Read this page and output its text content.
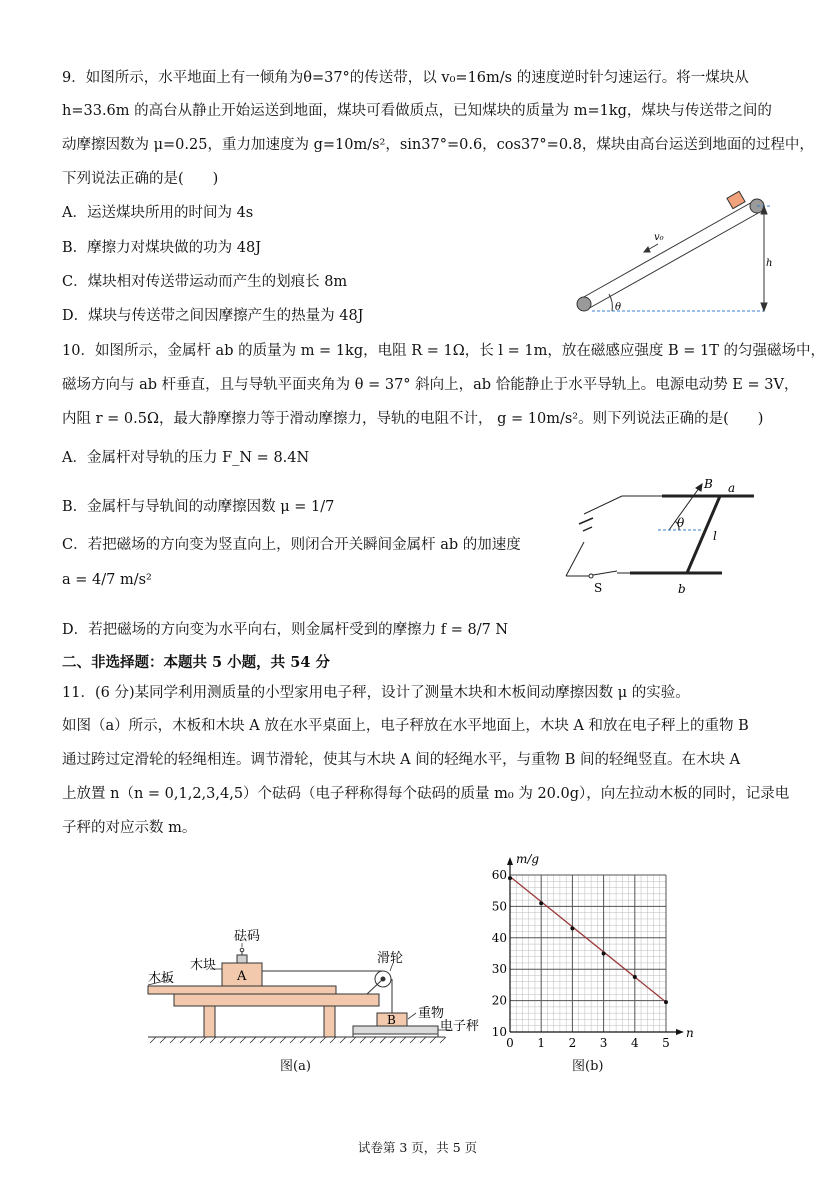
9．如图所示，水平地面上有一倾角为θ=37°的传送带，以 v₀=16m/s 的速度逆时针匀速运行。将一煤块从
h=33.6m 的高台从静止开始运送到地面，煤块可看做质点，已知煤块的质量为 m=1kg，煤块与传送带之间的
动摩擦因数为 μ=0.25，重力加速度为 g=10m/s²，sin37°=0.6，cos37°=0.8，煤块由高台运送到地面的过程中，
下列说法正确的是(　　)
A．运送煤块所用的时间为 4s
B．摩擦力对煤块做的功为 48J
C．煤块相对传送带运动而产生的划痕长 8m
D．煤块与传送带之间因摩擦产生的热量为 48J
v₀
h
θ
10．如图所示，金属杆 ab 的质量为 m = 1kg，电阻 R = 1Ω，长 l = 1m，放在磁感应强度 B = 1T 的匀强磁场中，
磁场方向与 ab 杆垂直，且与导轨平面夹角为 θ = 37° 斜向上，ab 恰能静止于水平导轨上。电源电动势 E = 3V，
内阻 r = 0.5Ω，最大静摩擦力等于滑动摩擦力，导轨的电阻不计， g = 10m/s²。则下列说法正确的是(　　)
A．金属杆对导轨的压力 F_N = 8.4N
B．金属杆与导轨间的动摩擦因数 μ = 1/7
C．若把磁场的方向变为竖直向上，则闭合开关瞬间金属杆 ab 的加速度
a = 4/7 m/s²
D．若把磁场的方向变为水平向右，则金属杆受到的摩擦力 f = 8/7 N
B a
θ
l
b
S
二、非选择题：本题共 5 小题，共 54 分
11．(6 分)某同学利用测质量的小型家用电子秤，设计了测量木块和木板间动摩擦因数 μ 的实验。
如图（a）所示，木板和木块 A 放在水平桌面上，电子秤放在水平地面上，木块 A 和放在电子秤上的重物 B
通过跨过定滑轮的轻绳相连。调节滑轮，使其与木块 A 间的轻绳水平，与重物 B 间的轻绳竖直。在木块 A
上放置 n（n = 0,1,2,3,4,5）个砝码（电子秤称得每个砝码的质量 m₀ 为 20.0g），向左拉动木板的同时，记录电
子秤的对应示数 m。
砝码
木块
A
木板
滑轮
重物
B	电子秤
图(a)
0 1 2 3 4 5
10
20
30
40
50
60
m/g
n
图(b)
试卷第 3 页，共 5 页
